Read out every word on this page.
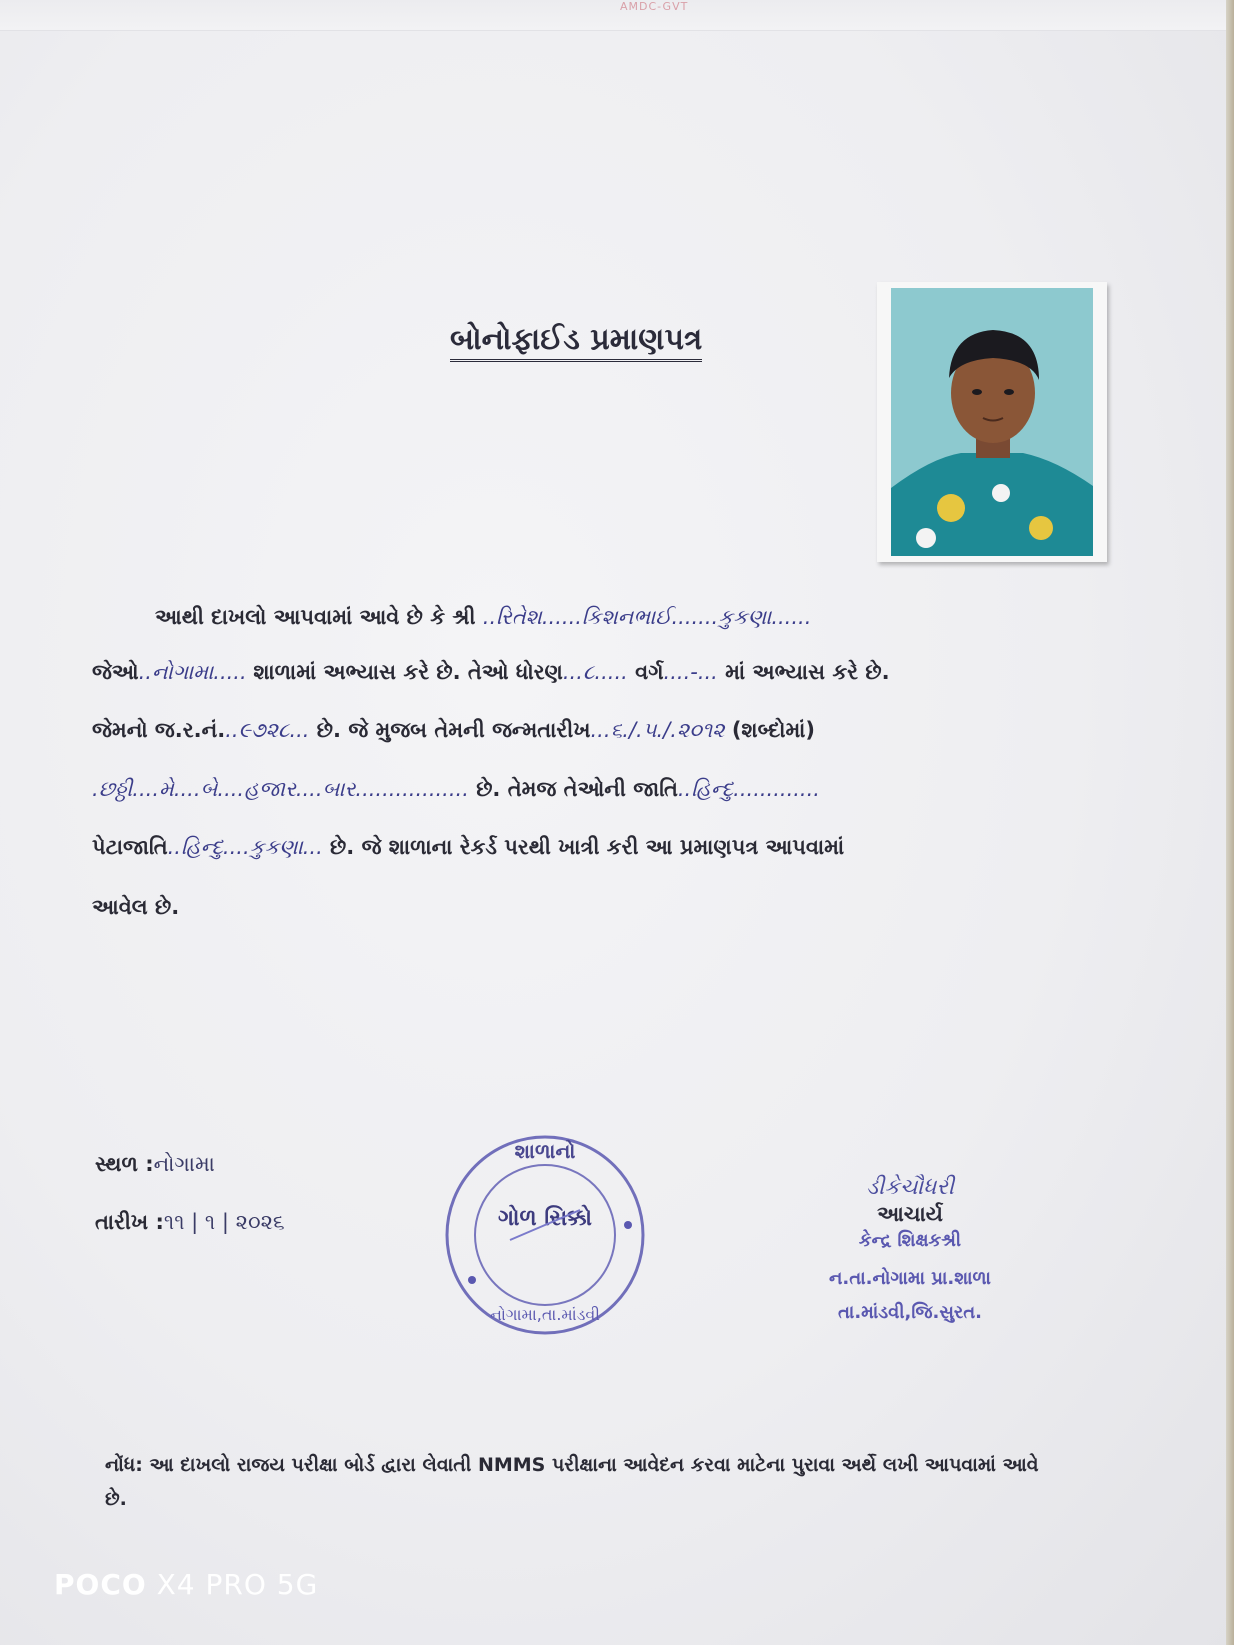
AMDC-GVT
બોનોફાઈડ પ્રમાણપત્ર
આથી દાખલો આપવામાં આવે છે કે શ્રી ..રિતેશ......કિશનભાઈ.......કુકણા......
જેઓ..નોગામા..... શાળામાં અભ્યાસ કરે છે. તેઓ ધોરણ...૮..... વર્ગ....-... માં અભ્યાસ કરે છે.
જેમનો જ.ર.નં...૯૭૨૮... છે. જે મુજબ તેમની જન્મતારીખ...૬./.૫./.૨૦૧૨ (શબ્દોમાં)
.છઠ્ઠી....મે....બે....હજાર....બાર................. છે. તેમજ તેઓની જાતિ..હિન્દુ.............
પેટાજાતિ..હિન્દુ....કુકણા... છે. જે શાળાના રેકર્ડ પરથી ખાત્રી કરી આ પ્રમાણપત્ર આપવામાં
આવેલ છે.
સ્થળ :નોગામા
તારીખ :૧૧ | ૧ | ૨૦૨૬
શાળાનો
ગોળ સિક્કો
નોગામા,તા.માંડવી
ડીકેચૌધરી
આચાર્ય
કેન્દ્ર શિક્ષકશ્રી
ન.તા.નોગામા પ્રા.શાળા
તા.માંડવી,જિ.સુરત.
નોંધ: આ દાખલો રાજય પરીક્ષા બોર્ડ દ્વારા લેવાતી NMMS પરીક્ષાના આવેદન કરવા માટેના પુરાવા અર્થે લખી આપવામાં આવે છે.
POCO X4 PRO 5G
